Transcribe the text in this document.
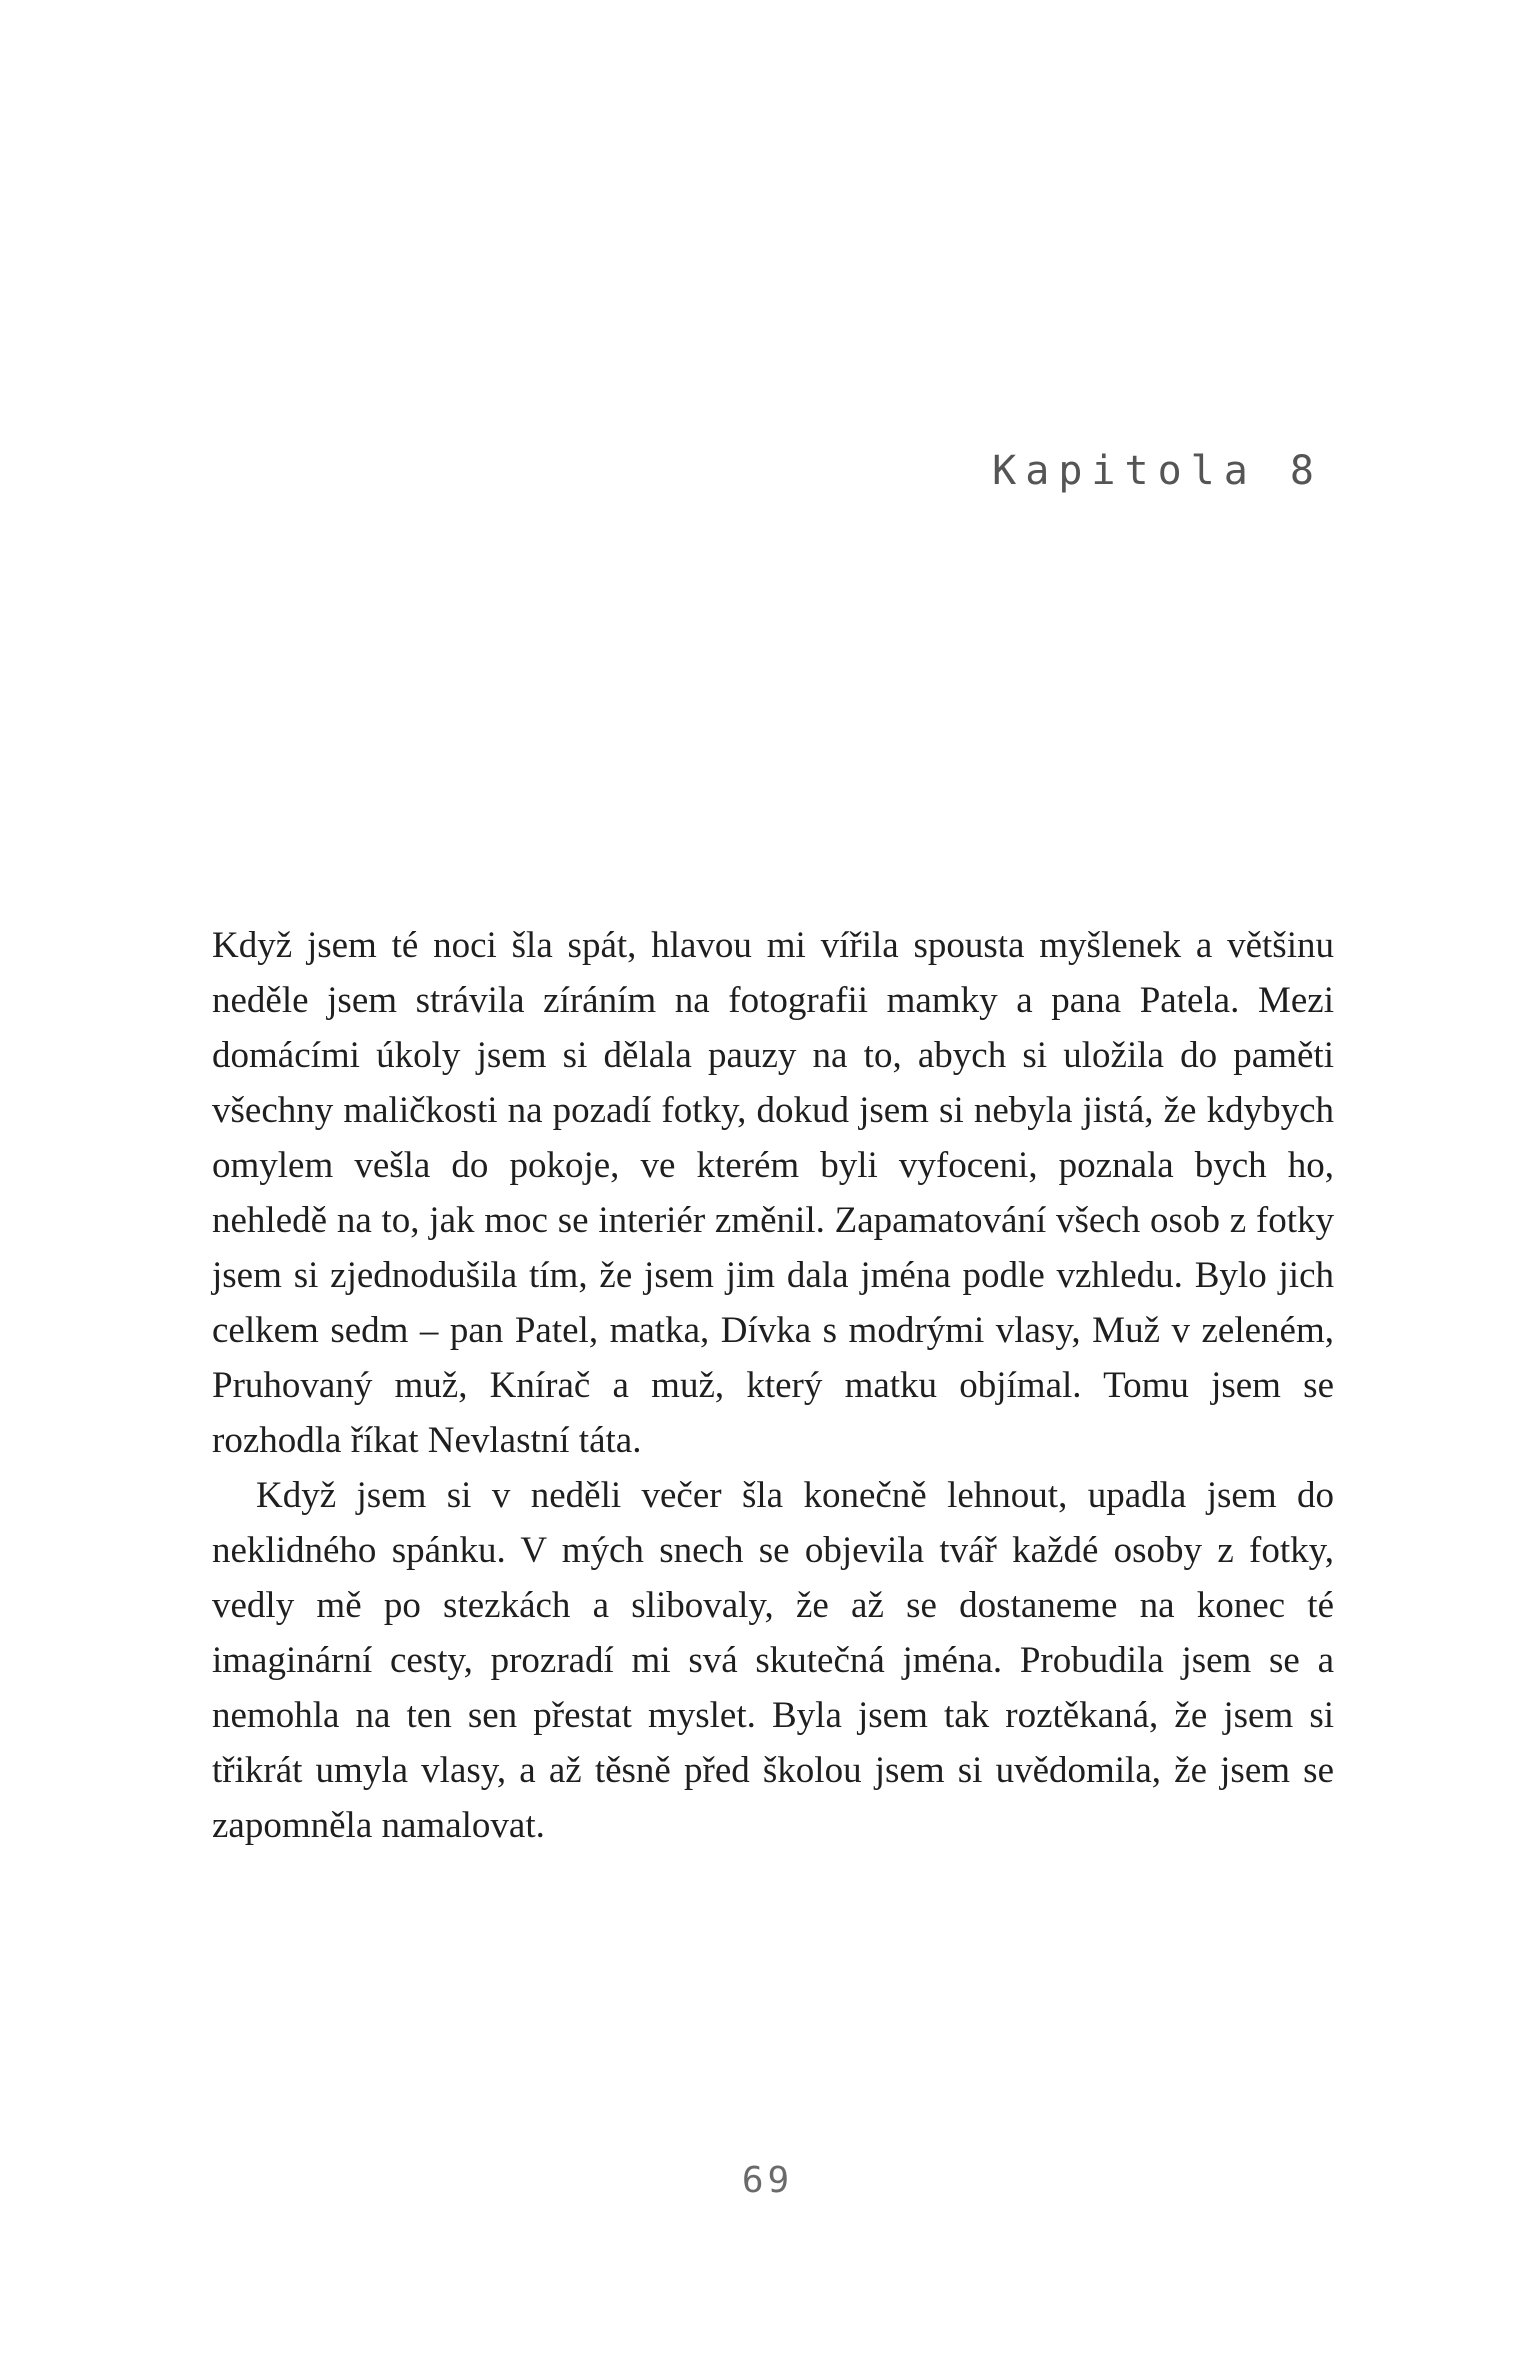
Kapitola 8

Když jsem té noci šla spát, hlavou mi vířila spousta myšlenek a většinu neděle jsem strávila zíráním na fotografii mamky a pana Patela. Mezi domácími úkoly jsem si dělala pauzy na to, abych si uložila do paměti všechny maličkosti na pozadí fotky, dokud jsem si nebyla jistá, že kdybych omylem vešla do pokoje, ve kterém byli vyfoceni, poznala bych ho, nehledě na to, jak moc se interiér změnil. Zapamatování všech osob z fotky jsem si zjednodušila tím, že jsem jim dala jména podle vzhledu. Bylo jich celkem sedm – pan Patel, matka, Dívka s modrými vlasy, Muž v zeleném, Pruhovaný muž, Knírač a muž, který matku objímal. Tomu jsem se rozhodla říkat Nevlastní táta.

Když jsem si v neděli večer šla konečně lehnout, upadla jsem do neklidného spánku. V mých snech se objevila tvář každé osoby z fotky, vedly mě po stezkách a slibovaly, že až se dostaneme na konec té imaginární cesty, prozradí mi svá skutečná jména. Probudila jsem se a nemohla na ten sen přestat myslet. Byla jsem tak roztěkaná, že jsem si třikrát umyla vlasy, a až těsně před školou jsem si uvědomila, že jsem se zapomněla namalovat.

69
